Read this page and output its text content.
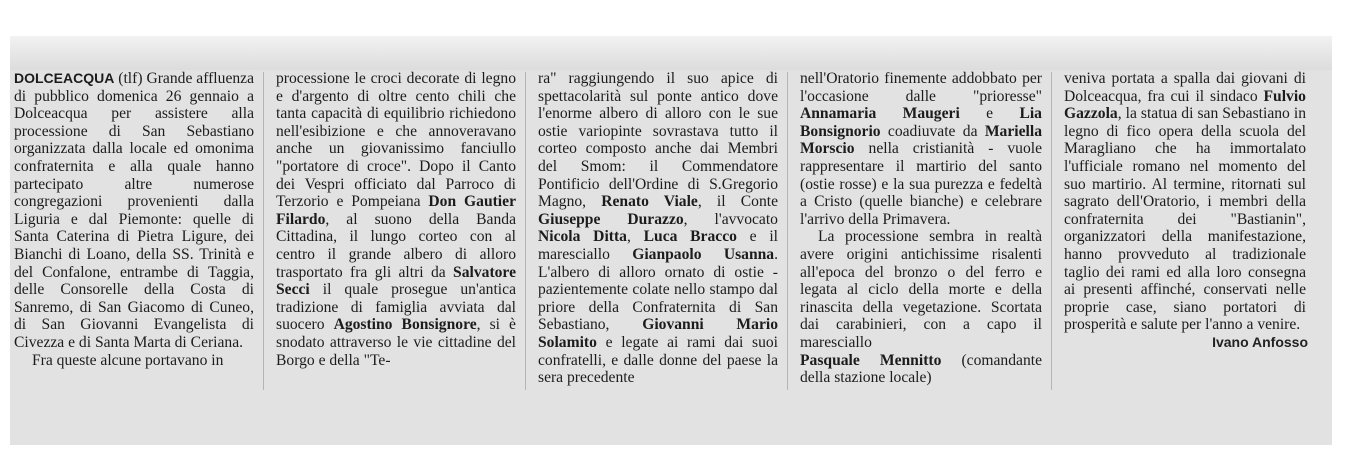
DOLCEACQUA (tlf) Grande affluenza di pubblico domenica 26 gennaio a Dolceacqua per assistere alla processione di San Sebastiano organizzata dalla locale ed omonima confraternita e alla quale hanno partecipato altre numerose congregazioni provenienti dalla Liguria e dal Piemonte: quelle di Santa Caterina di Pietra Ligure, dei Bianchi di Loano, della SS. Trinità e del Confalone, entrambe di Taggia, delle Consorelle della Costa di Sanremo, di San Giacomo di Cuneo, di San Giovanni Evangelista di Civezza e di Santa Marta di Ceriana.
Fra queste alcune portavano in

processione le croci decorate di legno e d'argento di oltre cento chili che tanta capacità di equilibrio richiedono nell'esibizione e che annoveravano anche un giovanissimo fanciullo "portatore di croce". Dopo il Canto dei Vespri officiato dal Parroco di Terzorio e Pompeiana Don Gautier Filardo, al suono della Banda Cittadina, il lungo corteo con al centro il grande albero di alloro trasportato fra gli altri da Salvatore Secci il quale prosegue un'antica tradizione di famiglia avviata dal suocero Agostino Bonsignore, si è snodato attraverso le vie cittadine del Borgo e della "Te-

ra" raggiungendo il suo apice di spettacolarità sul ponte antico dove l'enorme albero di alloro con le sue ostie variopinte sovrastava tutto il corteo composto anche dai Membri del Smom: il Commendatore Pontificio dell'Ordine di S.Gregorio Magno, Renato Viale, il Conte Giuseppe Durazzo, l'avvocato Nicola Ditta, Luca Bracco e il maresciallo Gianpaolo Usanna. L'albero di alloro ornato di ostie - pazientemente colate nello stampo dal priore della Confraternita di San Sebastiano, Giovanni Mario Solamito e legate ai rami dai suoi confratelli, e dalle donne del paese la sera precedente

nell'Oratorio finemente addobbato per l'occasione dalle "prioresse" Annamaria Maugeri e Lia Bonsignorio coadiuvate da Mariella Morscio nella cristianità - vuole rappresentare il martirio del santo (ostie rosse) e la sua purezza e fedeltà a Cristo (quelle bianche) e celebrare l'arrivo della Primavera.
La processione sembra in realtà avere origini antichissime risalenti all'epoca del bronzo o del ferro e legata al ciclo della morte e della rinascita della vegetazione. Scortata dai carabinieri, con a capo il maresciallo
Pasquale Mennitto (comandante della stazione locale)

veniva portata a spalla dai giovani di Dolceacqua, fra cui il sindaco Fulvio Gazzola, la statua di san Sebastiano in legno di fico opera della scuola del Maragliano che ha immortalato l'ufficiale romano nel momento del suo martirio. Al termine, ritornati sul sagrato dell'Oratorio, i membri della confraternita dei "Bastianin", organizzatori della manifestazione, hanno provveduto al tradizionale taglio dei rami ed alla loro consegna ai presenti affinché, conservati nelle proprie case, siano portatori di prosperità e salute per l'anno a venire.

Ivano Anfosso
